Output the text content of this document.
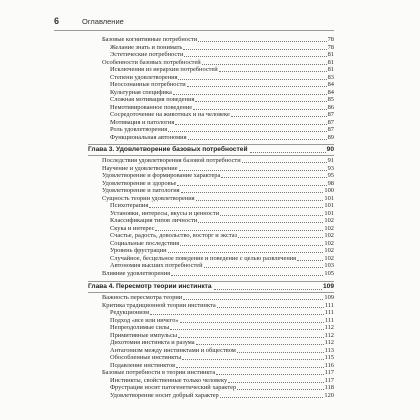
6	Оглавление
Базовые когнитивные потребности	78
Желание знать и понимать	78
Эстетические потребности	81
Особенности базовых потребностей	81
Исключения из иерархии потребностей	81
Степени удовлетворения	83
Неосознанные потребности	84
Культурная специфика	84
Сложная мотивация поведения	85
Немотивированное поведение	86
Сосредоточение на животных и на человеке	87
Мотивация и патология	87
Роль удовлетворения	87
Функциональная автономия	89
Глава 3. Удовлетворение базовых потребностей	90
Последствия удовлетворения базовой потребности	91
Научение и удовлетворение	93
Удовлетворение и формирование характера	95
Удовлетворение и здоровье	98
Удовлетворение и патология	100
Сущность теории удовлетворения	101
Психотерапия	101
Установки, интересы, вкусы и ценности	101
Классификация типов личности	102
Скука и интерес	102
Счастье, радость, довольство, восторг и экстаз	102
Социальные последствия	102
Уровень фрустрации	102
Случайное, бесцельное поведение и поведение с целью развлечения	102
Автономия высших потребностей	103
Влияние удовлетворения	105
Глава 4. Пересмотр теории инстинкта	109
Важность пересмотра теории	109
Критика традиционной теории инстинкта	111
Редукционизм	111
Подход «все или ничего»	111
Непреодолимые силы	112
Примитивные импульсы	112
Дихотомия инстинкта и разума	112
Антагонизм между инстинктами и обществом	113
Обособленные инстинкты	115
Подавление инстинктов	116
Базовые потребности в теории инстинкта	117
Инстинкты, свойственные только человеку	117
Фрустрация носит патогенетический характер	118
Удовлетворение носит добрый характер	120
